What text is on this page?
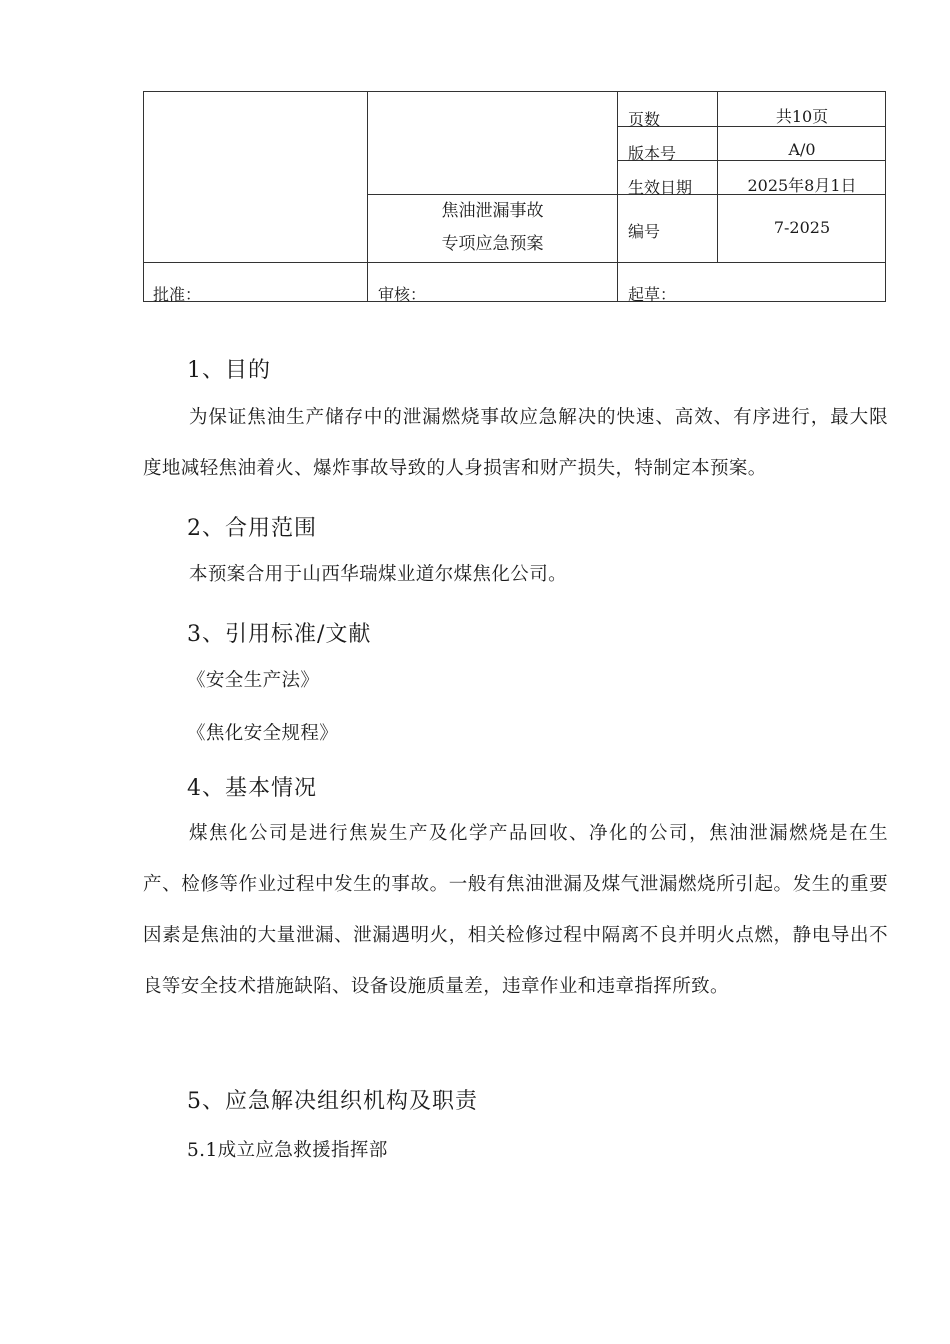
页数	共10页
版本号	A/0
生效日期	2025年8月1日
焦油泄漏事故
专项应急预案
编号	7-2025
批准：	审核：	起草：
1、目的
为保证焦油生产储存中的泄漏燃烧事故应急解决的快速、高效、有序进行，最大限度地减轻焦油着火、爆炸事故导致的人身损害和财产损失，特制定本预案。
2、合用范围
本预案合用于山西华瑞煤业道尔煤焦化公司。
3、引用标准/文献
《安全生产法》
《焦化安全规程》
4、基本情况
煤焦化公司是进行焦炭生产及化学产品回收、净化的公司，焦油泄漏燃烧是在生产、检修等作业过程中发生的事故。一般有焦油泄漏及煤气泄漏燃烧所引起。发生的重要因素是焦油的大量泄漏、泄漏遇明火，相关检修过程中隔离不良并明火点燃，静电导出不良等安全技术措施缺陷、设备设施质量差，违章作业和违章指挥所致。
5、应急解决组织机构及职责
5.1成立应急救援指挥部
